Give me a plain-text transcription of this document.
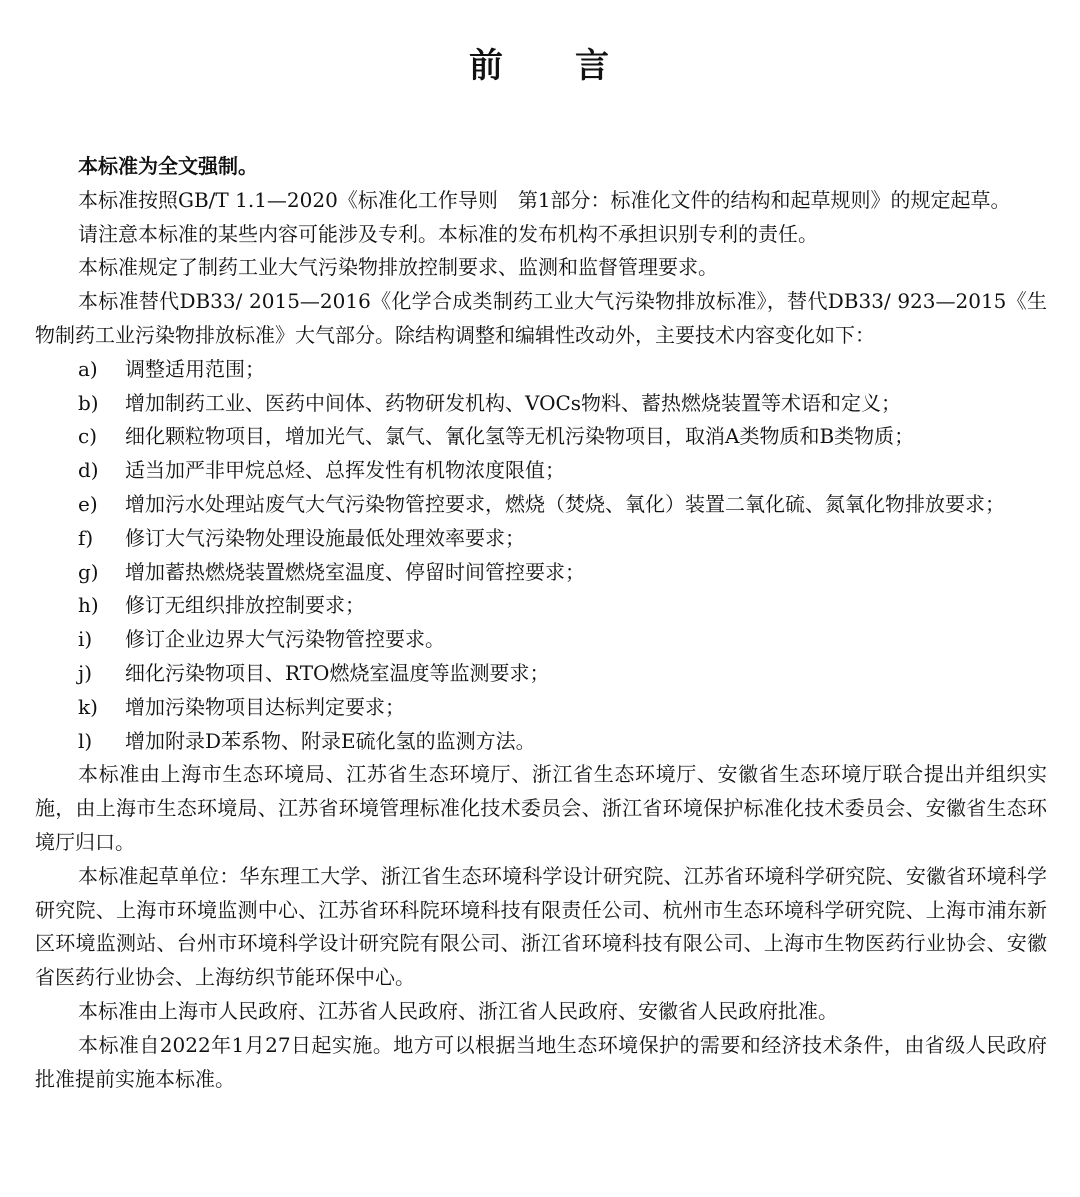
前 言

本标准为全文强制。

本标准按照GB/T 1.1—2020《标准化工作导则　第1部分：标准化文件的结构和起草规则》的规定起草。

请注意本标准的某些内容可能涉及专利。本标准的发布机构不承担识别专利的责任。

本标准规定了制药工业大气污染物排放控制要求、监测和监督管理要求。

本标准替代DB33/ 2015—2016《化学合成类制药工业大气污染物排放标准》，替代DB33/ 923—2015《生物制药工业污染物排放标准》大气部分。除结构调整和编辑性改动外，主要技术内容变化如下：

a) 调整适用范围；

b) 增加制药工业、医药中间体、药物研发机构、VOCs物料、蓄热燃烧装置等术语和定义；

c) 细化颗粒物项目，增加光气、氯气、氰化氢等无机污染物项目，取消A类物质和B类物质；

d) 适当加严非甲烷总烃、总挥发性有机物浓度限值；

e) 增加污水处理站废气大气污染物管控要求，燃烧（焚烧、氧化）装置二氧化硫、氮氧化物排放要求；

f) 修订大气污染物处理设施最低处理效率要求；

g) 增加蓄热燃烧装置燃烧室温度、停留时间管控要求；

h) 修订无组织排放控制要求；

i) 修订企业边界大气污染物管控要求。

j) 细化污染物项目、RTO燃烧室温度等监测要求；

k) 增加污染物项目达标判定要求；

l) 增加附录D苯系物、附录E硫化氢的监测方法。

本标准由上海市生态环境局、江苏省生态环境厅、浙江省生态环境厅、安徽省生态环境厅联合提出并组织实施，由上海市生态环境局、江苏省环境管理标准化技术委员会、浙江省环境保护标准化技术委员会、安徽省生态环境厅归口。

本标准起草单位：华东理工大学、浙江省生态环境科学设计研究院、江苏省环境科学研究院、安徽省环境科学研究院、上海市环境监测中心、江苏省环科院环境科技有限责任公司、杭州市生态环境科学研究院、上海市浦东新区环境监测站、台州市环境科学设计研究院有限公司、浙江省环境科技有限公司、上海市生物医药行业协会、安徽省医药行业协会、上海纺织节能环保中心。

本标准由上海市人民政府、江苏省人民政府、浙江省人民政府、安徽省人民政府批准。

本标准自2022年1月27日起实施。地方可以根据当地生态环境保护的需要和经济技术条件，由省级人民政府批准提前实施本标准。
